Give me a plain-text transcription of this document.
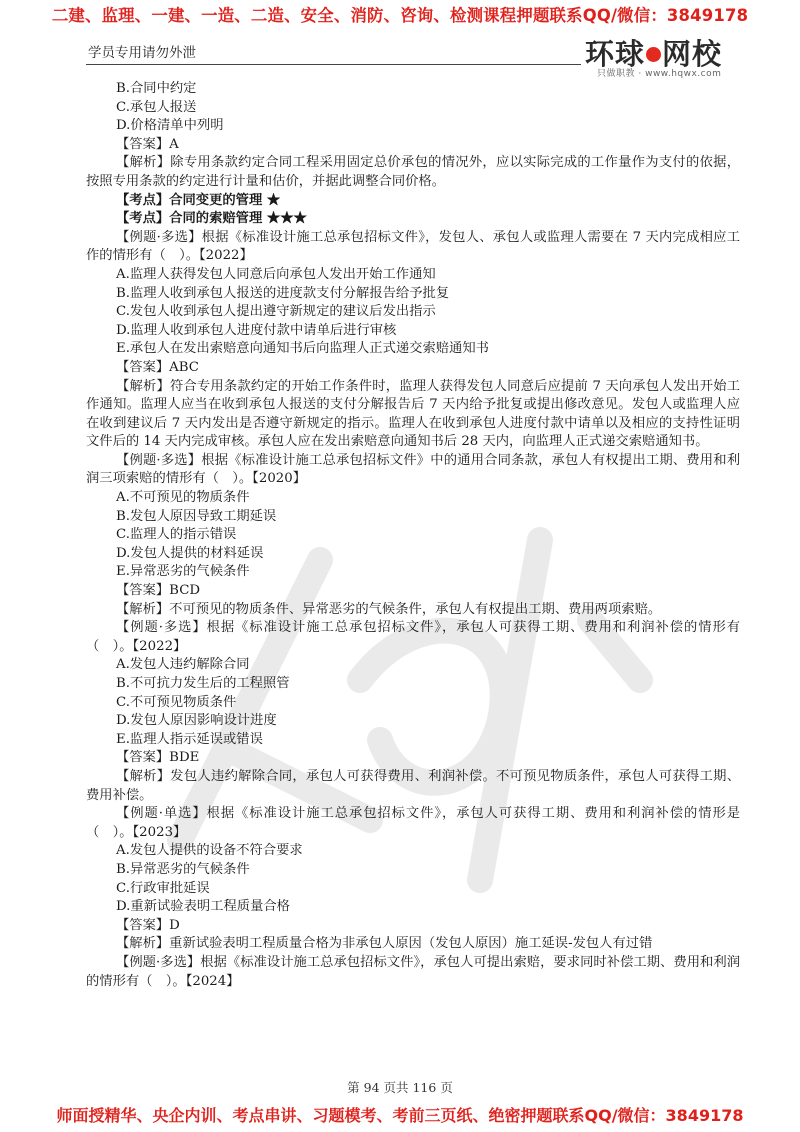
二建、监理、一建、一造、二造、安全、消防、咨询、检测课程押题联系QQ/微信：3849178
学员专用请勿外泄	环球 网校
只做职教 · www.hqwx.com
B.合同中约定
C.承包人报送
D.价格清单中列明
【答案】A
【解析】除专用条款约定合同工程采用固定总价承包的情况外，应以实际完成的工作量作为支付的依据，按照专用条款的约定进行计量和估价，并据此调整合同价格。
【考点】合同变更的管理 ★
【考点】合同的索赔管理 ★★★
【例题·多选】根据《标准设计施工总承包招标文件》，发包人、承包人或监理人需要在 7 天内完成相应工作的情形有（　）。【2022】
A.监理人获得发包人同意后向承包人发出开始工作通知
B.监理人收到承包人报送的进度款支付分解报告给予批复
C.发包人收到承包人提出遵守新规定的建议后发出指示
D.监理人收到承包人进度付款中请单后进行审核
E.承包人在发出索赔意向通知书后向监理人正式递交索赔通知书
【答案】ABC
【解析】符合专用条款约定的开始工作条件时，监理人获得发包人同意后应提前 7 天向承包人发出开始工作通知。监理人应当在收到承包人报送的支付分解报告后 7 天内给予批复或提出修改意见。发包人或监理人应在收到建议后 7 天内发出是否遵守新规定的指示。监理人在收到承包人进度付款中请单以及相应的支持性证明文件后的 14 天内完成审核。承包人应在发出索赔意向通知书后 28 天内，向监理人正式递交索赔通知书。
【例题·多选】根据《标准设计施工总承包招标文件》中的通用合同条款，承包人有权提出工期、费用和利润三项索赔的情形有（　）。【2020】
A.不可预见的物质条件
B.发包人原因导致工期延误
C.监理人的指示错误
D.发包人提供的材料延误
E.异常恶劣的气候条件
【答案】BCD
【解析】不可预见的物质条件、异常恶劣的气候条件，承包人有权提出工期、费用两项索赔。
【例题·多选】根据《标准设计施工总承包招标文件》，承包人可获得工期、费用和利润补偿的情形有（　）。【2022】
A.发包人违约解除合同
B.不可抗力发生后的工程照管
C.不可预见物质条件
D.发包人原因影响设计进度
E.监理人指示延误或错误
【答案】BDE
【解析】发包人违约解除合同，承包人可获得费用、利润补偿。不可预见物质条件，承包人可获得工期、费用补偿。
【例题·单选】根据《标准设计施工总承包招标文件》，承包人可获得工期、费用和利润补偿的情形是（　）。【2023】
A.发包人提供的设备不符合要求
B.异常恶劣的气候条件
C.行政审批延误
D.重新试验表明工程质量合格
【答案】D
【解析】重新试验表明工程质量合格为非承包人原因（发包人原因）施工延误-发包人有过错
【例题·多选】根据《标准设计施工总承包招标文件》，承包人可提出索赔，要求同时补偿工期、费用和利润的情形有（　）。【2024】
第 94 页共 116 页
师面授精华、央企内训、考点串讲、习题模考、考前三页纸、绝密押题联系QQ/微信：3849178
